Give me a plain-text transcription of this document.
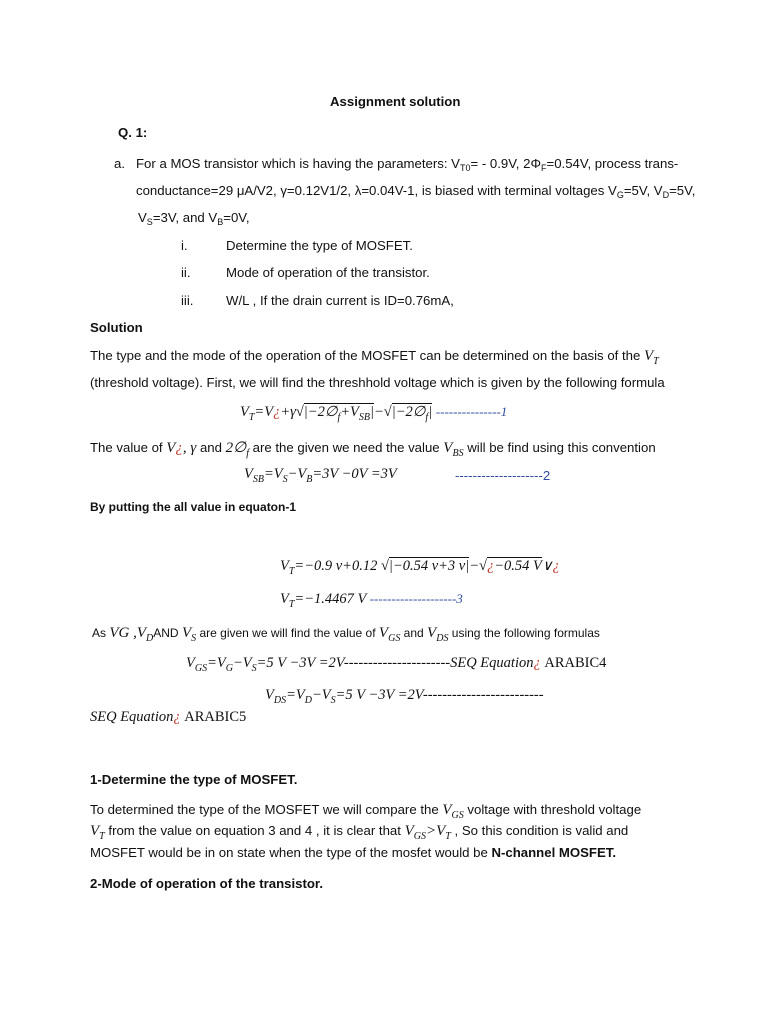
Assignment solution
Q. 1:
a. For a MOS transistor which is having the parameters: $V_{T0}= - 0.9V$, $2\Phi_F=0.54V$, process trans-
conductance=29 μA/V2, γ=0.12V1/2, λ=0.04V-1, is biased with terminal voltages $V_G=5V$, $V_D=5V$,
$V_S=3V$, and $V_B=0V$,
i.	Determine the type of MOSFET.
ii.	Mode of operation of the transistor.
iii. W/L , If the drain current is ID=0.76mA,
Solution
The type and the mode of the operation of the MOSFET can be determined on the basis of the $V_T$
(threshold voltage). First, we will find the threshhold voltage which is given by the following formula
$V_T=V¿+\gamma√|-2\emptyset_f+V_{SB}|-√|-2\emptyset_f|$ ---------------1
The value of V¿, γ and $2\emptyset_f$ are the given we need the value $V_{BS}$ will be find using this convention
$V_{SB}=V_S-V_B=3V -0V =3V$	--------------------2
By putting the all value in equaton-1
$V_T=-0.9$ v+0.12 √|−0.54 v+3 v|−√¿−0.54 V∨¿
$V_T=-1.4467$ V --------------------3
As VG $,V_DAND$ $V_S$ are given we will find the value of $V_{GS}$ and $V_{DS}$ using the following formulas
$V_{GS}=V_G-V_S=5$ V −3V =2V----------------------SEQ Equation¿ ARABIC4
$V_{DS}=V_D-V_S=5$ V −3V =2V-------------------------
SEQ Equation¿ ARABIC5
1-Determine the type of MOSFET.
To determined the type of the MOSFET we will compare the $V_{GS}$ voltage with threshold voltage
$V_T$ from the value on equation 3 and 4 , it is clear that $V_{GS}>V_T$ , So this condition is valid and
MOSFET would be in on state when the type of the mosfet would be N-channel MOSFET.
2-Mode of operation of the transistor.
